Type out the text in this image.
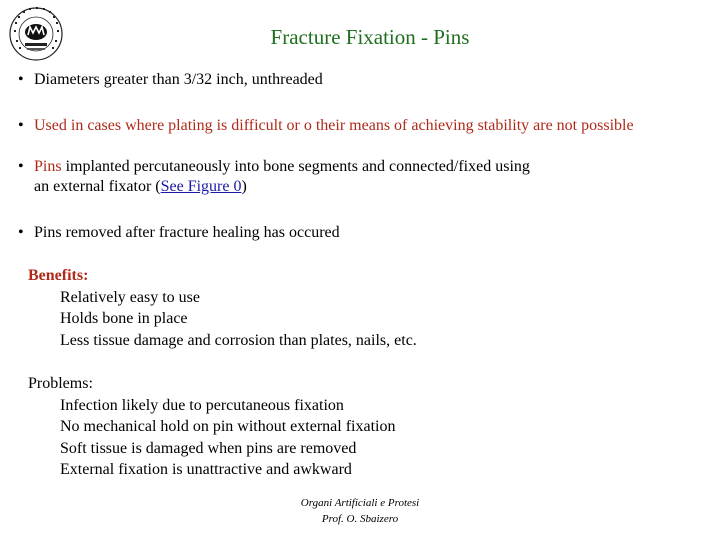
Fracture Fixation - Pins
• Diameters greater than 3/32 inch, unthreaded
• Used in cases where plating is difficult or o their means of achieving stability are not possible
• Pins implanted percutaneously into bone segments and connected/fixed using
an external fixator (See Figure 0)
• Pins removed after fracture healing has occured
Benefits:
Relatively easy to use
Holds bone in place
Less tissue damage and corrosion than plates, nails, etc.
Problems:
Infection likely due to percutaneous fixation
No mechanical hold on pin without external fixation
Soft tissue is damaged when pins are removed
External fixation is unattractive and awkward
Organi Artificiali e Protesi
Prof. O. Sbaizero
